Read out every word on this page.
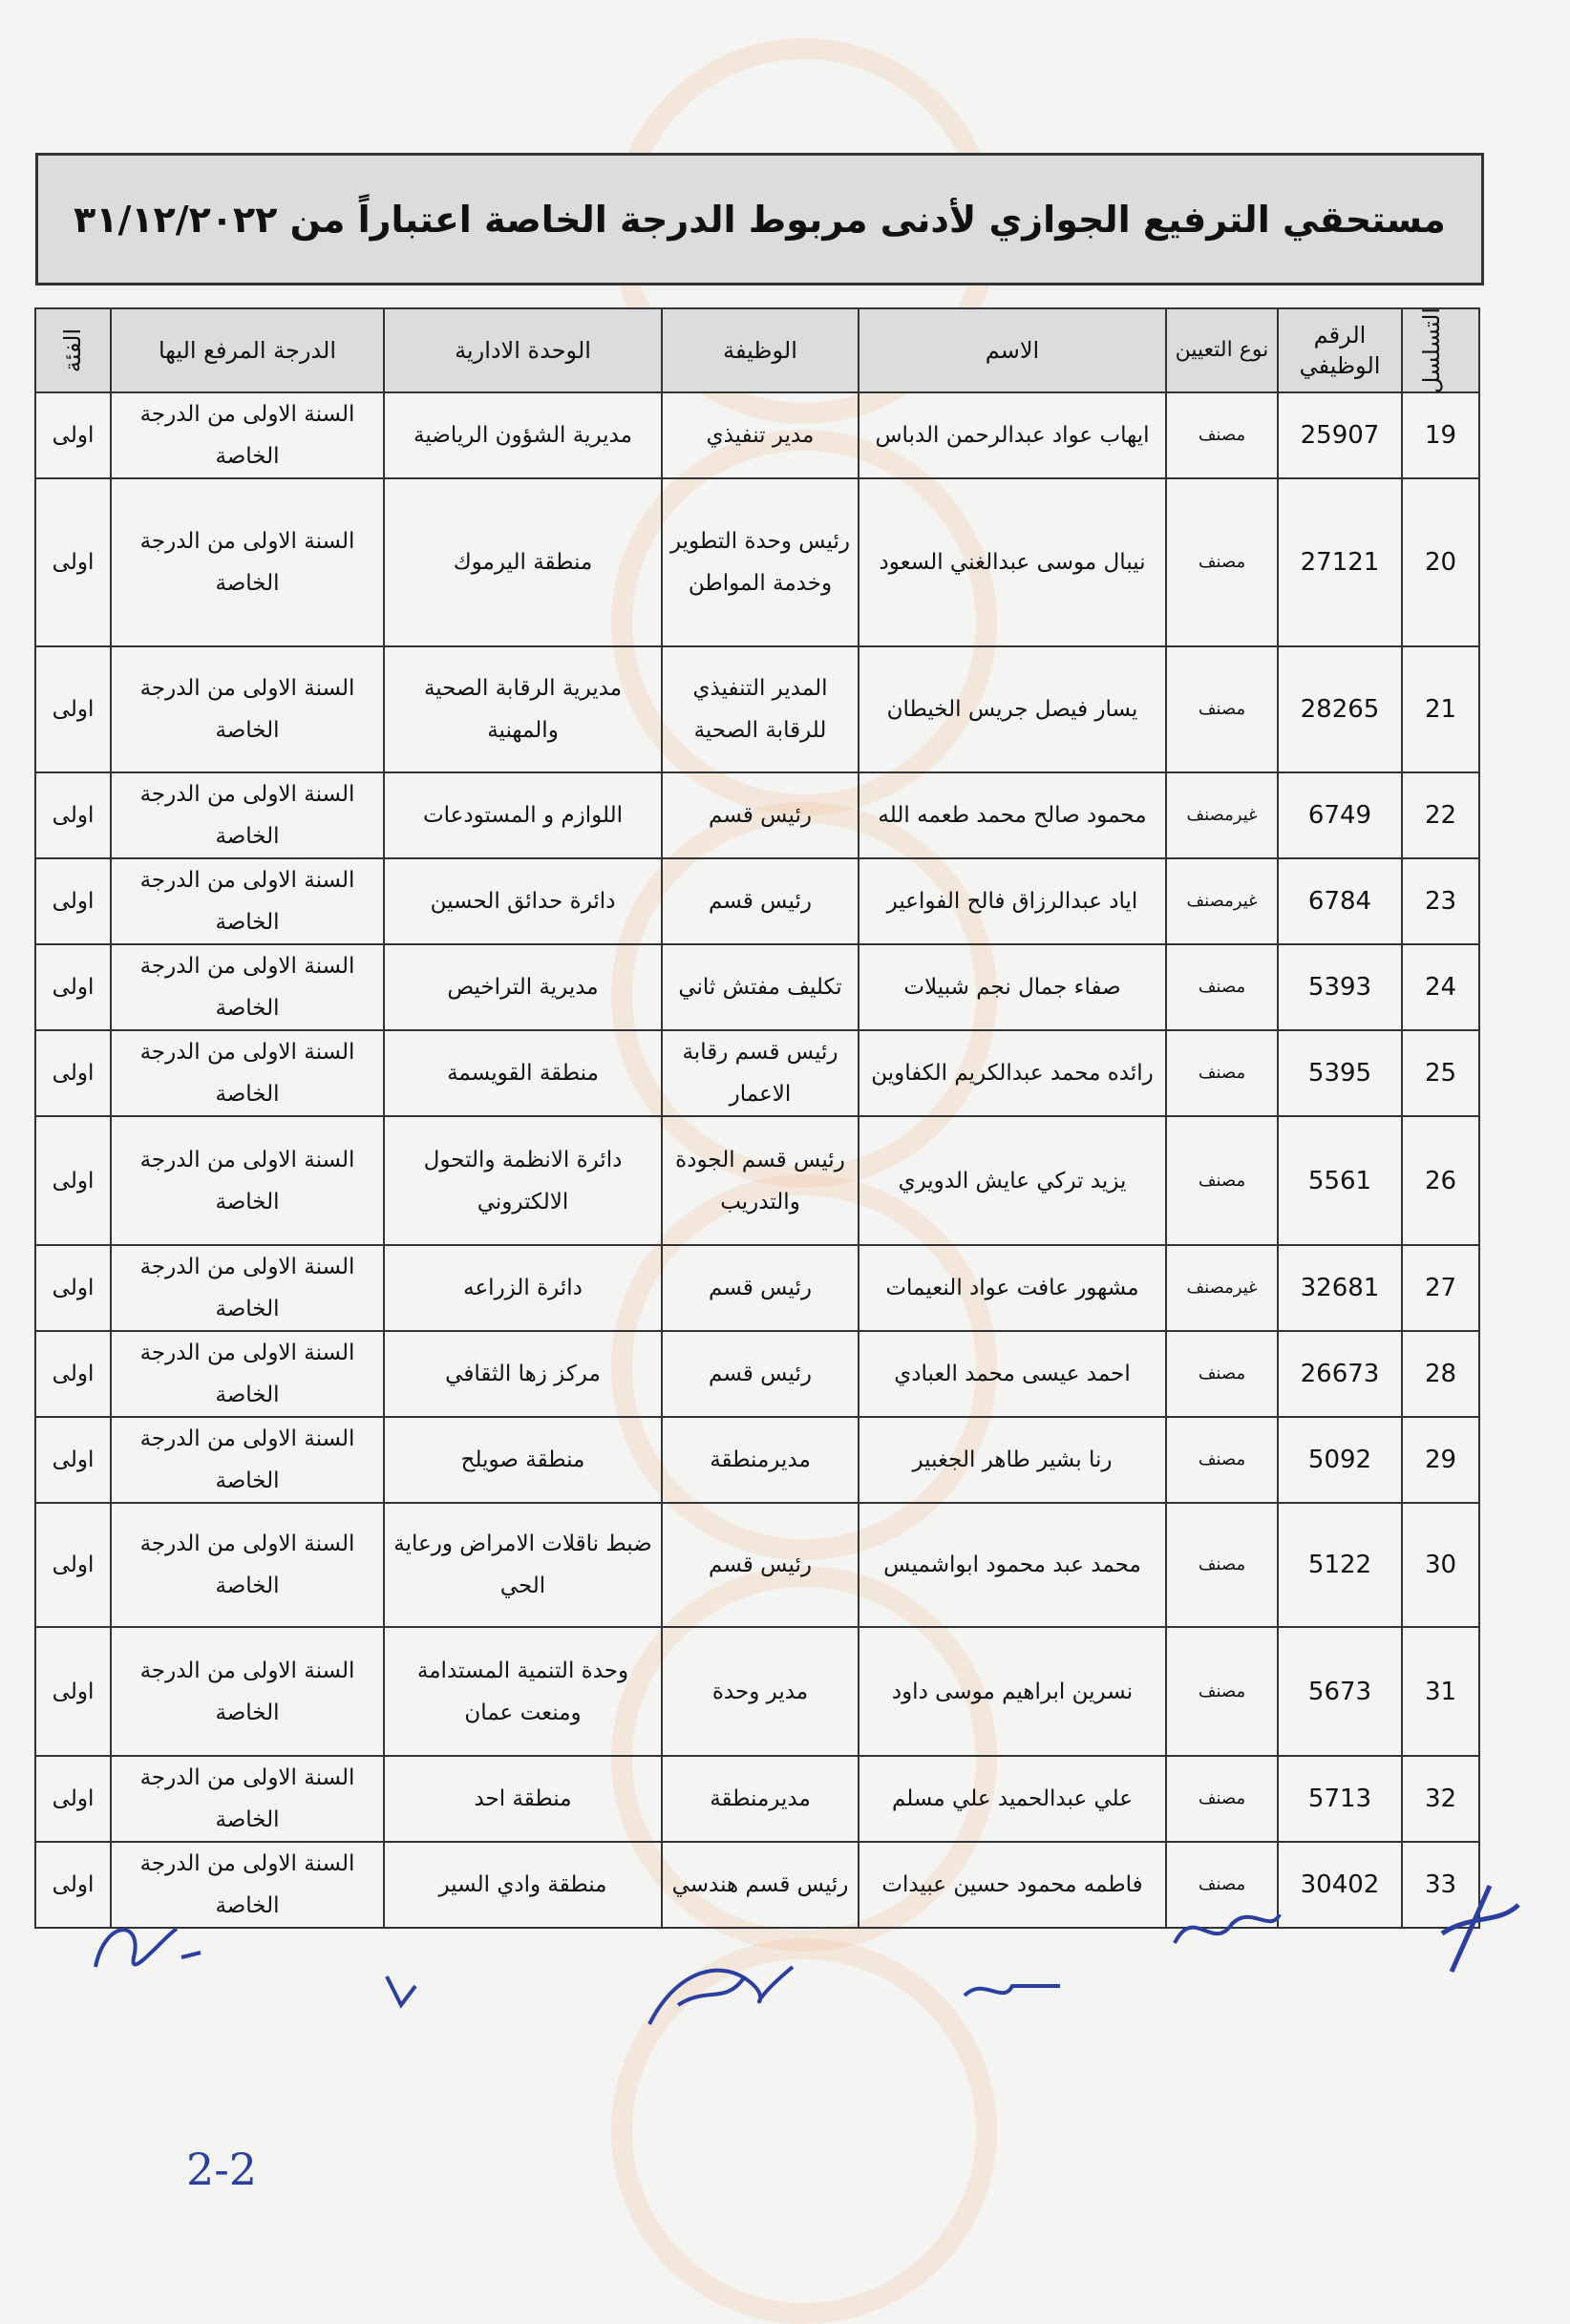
مستحقي الترفيع الجوازي لأدنى مربوط الدرجة الخاصة اعتباراً من ٣١/١٢/٢٠٢٢
التسلسل	الرقم الوظيفي	نوع التعيين	الاسم	الوظيفة	الوحدة الادارية	الدرجة المرفع اليها	الفئة
19	25907	مصنف	ايهاب عواد عبدالرحمن الدباس	مدير تنفيذي	مديرية الشؤون الرياضية	السنة الاولى من الدرجة الخاصة	اولى
20	27121	مصنف	نيبال موسى عبدالغني السعود	رئيس وحدة التطوير وخدمة المواطن	منطقة اليرموك	السنة الاولى من الدرجة الخاصة	اولى
21	28265	مصنف	يسار فيصل جريس الخيطان	المدير التنفيذي للرقابة الصحية	مديرية الرقابة الصحية والمهنية	السنة الاولى من الدرجة الخاصة	اولى
22	6749	غيرمصنف	محمود صالح محمد طعمه الله	رئيس قسم	اللوازم و المستودعات	السنة الاولى من الدرجة الخاصة	اولى
23	6784	غيرمصنف	اياد عبدالرزاق فالح الفواعير	رئيس قسم	دائرة حدائق الحسين	السنة الاولى من الدرجة الخاصة	اولى
24	5393	مصنف	صفاء جمال نجم شبيلات	تكليف مفتش ثاني	مديرية التراخيص	السنة الاولى من الدرجة الخاصة	اولى
25	5395	مصنف	رائده محمد عبدالكريم الكفاوين	رئيس قسم رقابة الاعمار	منطقة القويسمة	السنة الاولى من الدرجة الخاصة	اولى
26	5561	مصنف	يزيد تركي عايش الدويري	رئيس قسم الجودة والتدريب	دائرة الانظمة والتحول الالكتروني	السنة الاولى من الدرجة الخاصة	اولى
27	32681	غيرمصنف	مشهور عافت عواد النعيمات	رئيس قسم	دائرة الزراعه	السنة الاولى من الدرجة الخاصة	اولى
28	26673	مصنف	احمد عيسى محمد العبادي	رئيس قسم	مركز زها الثقافي	السنة الاولى من الدرجة الخاصة	اولى
29	5092	مصنف	رنا بشير طاهر الجغبير	مديرمنطقة	منطقة صويلح	السنة الاولى من الدرجة الخاصة	اولى
30	5122	مصنف	محمد عبد محمود ابواشميس	رئيس قسم	ضبط ناقلات الامراض ورعاية الحي	السنة الاولى من الدرجة الخاصة	اولى
31	5673	مصنف	نسرين ابراهيم موسى داود	مدير وحدة	وحدة التنمية المستدامة ومنعت عمان	السنة الاولى من الدرجة الخاصة	اولى
32	5713	مصنف	علي عبدالحميد علي مسلم	مديرمنطقة	منطقة احد	السنة الاولى من الدرجة الخاصة	اولى
33	30402	مصنف	فاطمه محمود حسين عبيدات	رئيس قسم هندسي	منطقة وادي السير	السنة الاولى من الدرجة الخاصة	اولى
2-2
